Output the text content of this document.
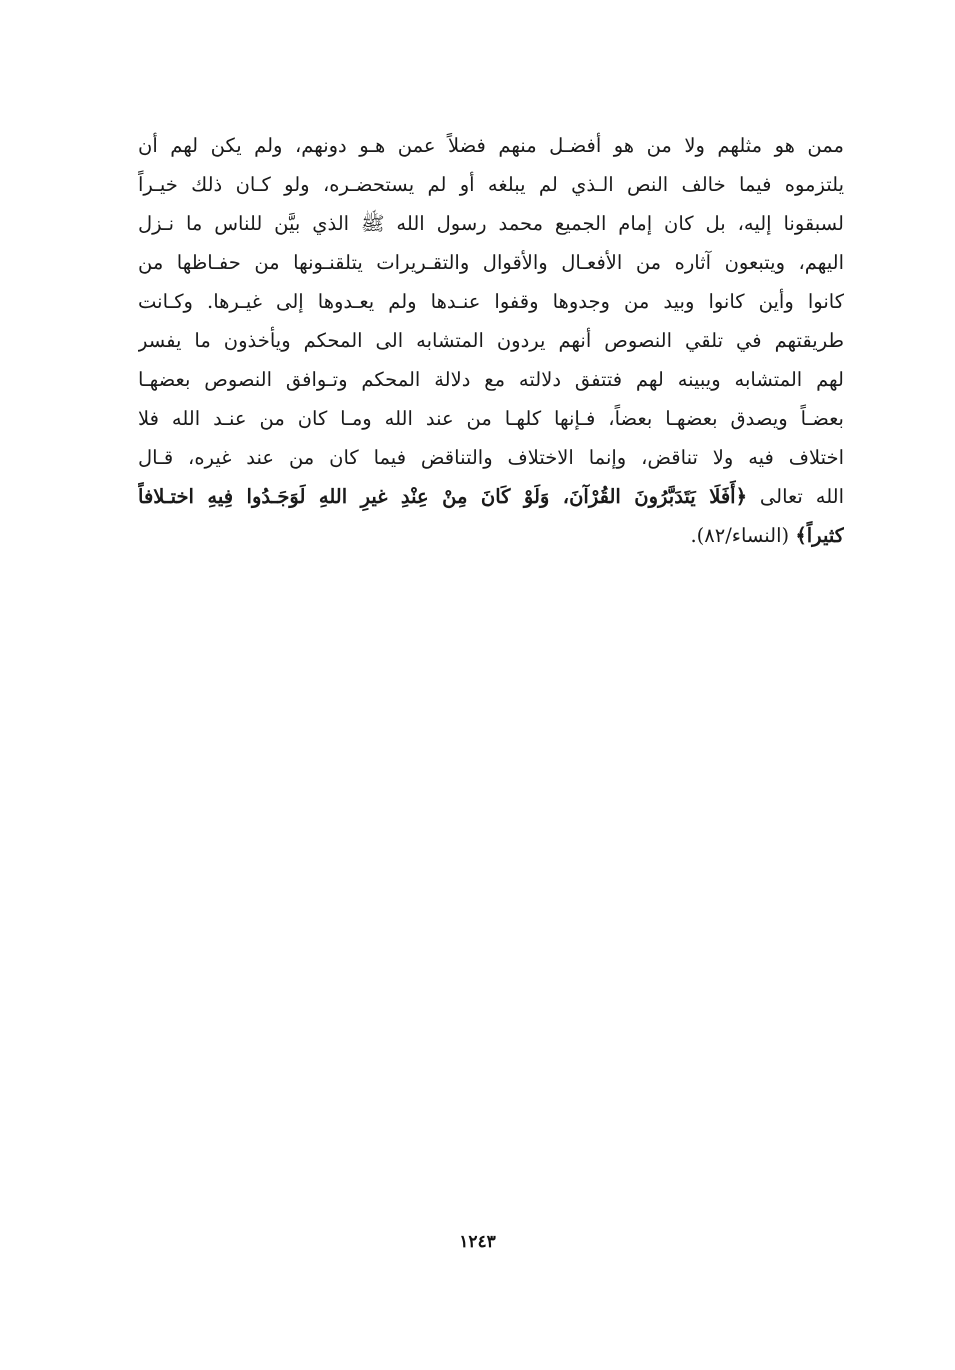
ممن هو مثلهم ولا من هو أفضـل منهم فضلاً عمن هـو دونهم، ولم يكن لهم أن
يلتزموه فيما خالف النص الـذي لم يبلغه أو لم يستحضـره، ولو كـان ذلك خيـراً
لسبقونا إليه، بل كان إمام الجميع محمد رسول الله ﷺ الذي بيَّن للناس ما نـزل
اليهم، ويتبعون آثاره من الأفعـال والأقوال والتقـريرات يتلقنـونها من حفـاظها من
كانوا وأين كانوا وبيد من وجدوها وقفوا عنـدها ولم يعـدوها إلى غيـرها. وكـانت
طريقتهم في تلقي النصوص أنهم يردون المتشابه الى المحكم ويأخذون ما يفسر
لهم المتشابه ويبينه لهم فتتفق دلالته مع دلالة المحكم وتـوافق النصوص بعضهـا
بعضـاً ويصدق بعضهـا بعضاً، فـإنها كلهـا من عند الله ومـا كان من عنـد الله فلا
اختلاف فيه ولا تناقض، وإنما الاختلاف والتناقض فيما كان من عند غيره، قـال
الله تعالى ﴿أَفَلَا يَتَدَبَّرُونَ القُرْآنَ، وَلَوْ كَانَ مِنْ عِنْدِ غيرِ اللهِ لَوَجَـدُوا فِيهِ اختـلافاً
كثيراً﴾ (النساء/٨٢).
١٢٤٣
